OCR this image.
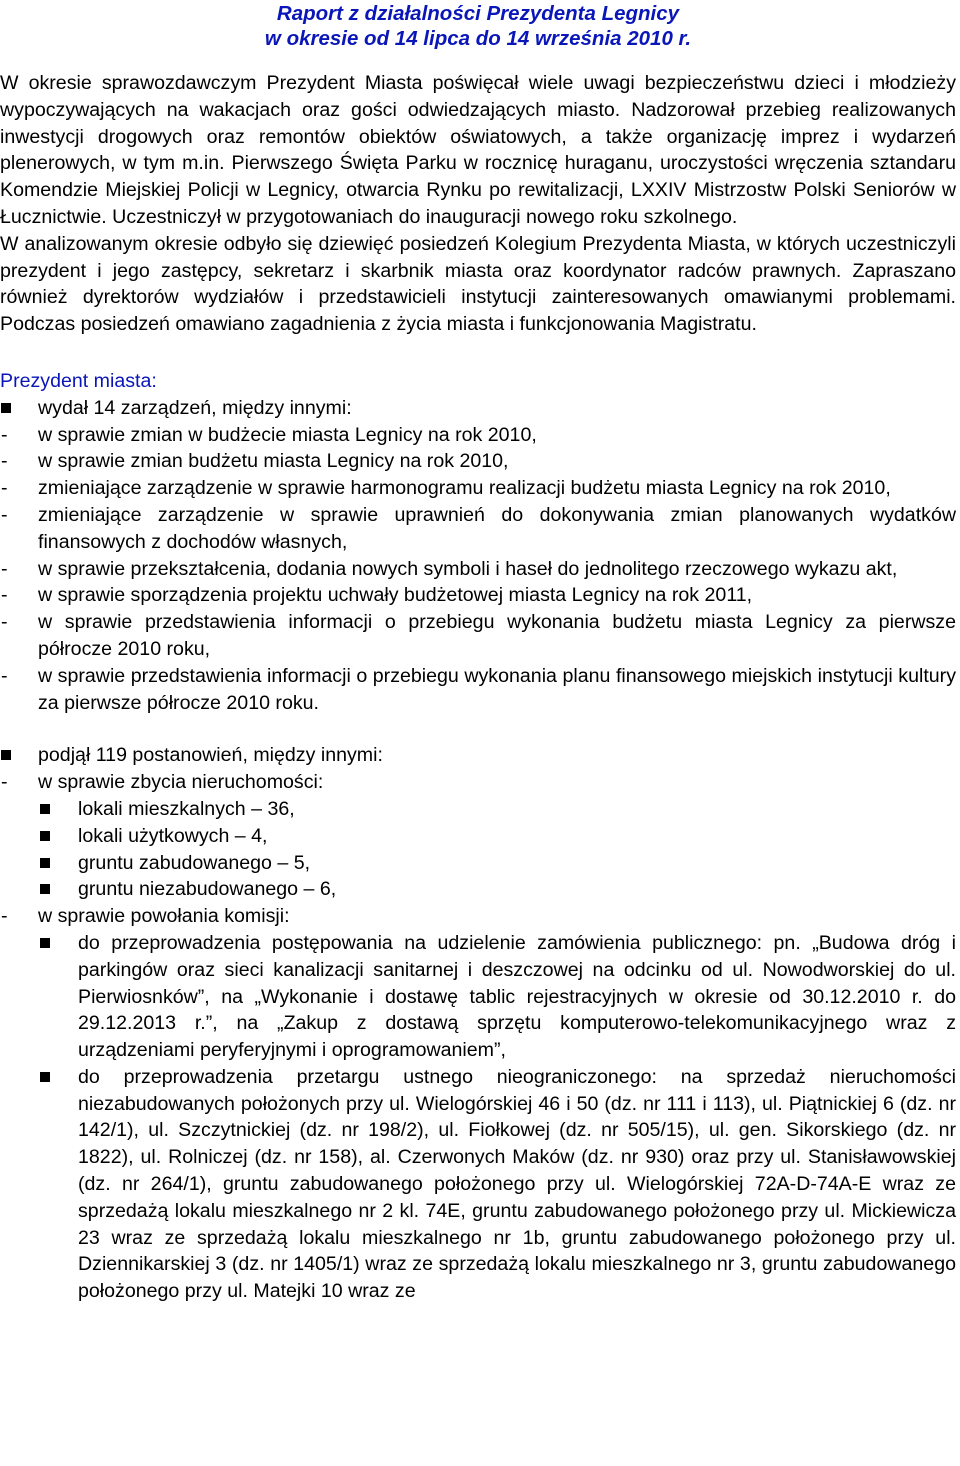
Raport z działalności Prezydenta Legnicy
w okresie od 14 lipca do 14 września 2010 r.

W okresie sprawozdawczym Prezydent Miasta poświęcał wiele uwagi bezpieczeństwu dzieci i młodzieży wypoczywających na wakacjach oraz gości odwiedzających miasto. Nadzorował przebieg realizowanych inwestycji drogowych oraz remontów obiektów oświatowych, a także organizację imprez i wydarzeń plenerowych, w tym m.in. Pierwszego Święta Parku w rocznicę huraganu, uroczystości wręczenia sztandaru Komendzie Miejskiej Policji w Legnicy, otwarcia Rynku po rewitalizacji, LXXIV Mistrzostw Polski Seniorów w Łucznictwie. Uczestniczył w przygotowaniach do inauguracji nowego roku szkolnego.

W analizowanym okresie odbyło się dziewięć posiedzeń Kolegium Prezydenta Miasta, w których uczestniczyli prezydent i jego zastępcy, sekretarz i skarbnik miasta oraz koordynator radców prawnych. Zapraszano również dyrektorów wydziałów i przedstawicieli instytucji zainteresowanych omawianymi problemami. Podczas posiedzeń omawiano zagadnienia z życia miasta i funkcjonowania Magistratu.

Prezydent miasta:

wydał 14 zarządzeń, między innymi:
- w sprawie zmian w budżecie miasta Legnicy na rok 2010,
- w sprawie zmian budżetu miasta Legnicy na rok 2010,
- zmieniające zarządzenie w sprawie harmonogramu realizacji budżetu miasta Legnicy na rok 2010,
- zmieniające zarządzenie w sprawie uprawnień do dokonywania zmian planowanych wydatków finansowych z dochodów własnych,
- w sprawie przekształcenia, dodania nowych symboli i haseł do jednolitego rzeczowego wykazu akt,
- w sprawie sporządzenia projektu uchwały budżetowej miasta Legnicy na rok 2011,
- w sprawie przedstawienia informacji o przebiegu wykonania budżetu miasta Legnicy za pierwsze półrocze 2010 roku,
- w sprawie przedstawienia informacji o przebiegu wykonania planu finansowego miejskich instytucji kultury za pierwsze półrocze 2010 roku.
podjął 119 postanowień, między innymi:
- w sprawie zbycia nieruchomości:
lokali mieszkalnych – 36,
lokali użytkowych – 4,
gruntu zabudowanego – 5,
gruntu niezabudowanego – 6,
- w sprawie powołania komisji:
do przeprowadzenia postępowania na udzielenie zamówienia publicznego: pn. „Budowa dróg i parkingów oraz sieci kanalizacji sanitarnej i deszczowej na odcinku od ul. Nowodworskiej do ul. Pierwiosnków”, na „Wykonanie i dostawę tablic rejestracyjnych w okresie od 30.12.2010 r. do 29.12.2013 r.”, na „Zakup z dostawą sprzętu komputerowo-telekomunikacyjnego wraz z urządzeniami peryferyjnymi i oprogramowaniem”,
do przeprowadzenia przetargu ustnego nieograniczonego: na sprzedaż nieruchomości niezabudowanych położonych przy ul. Wielogórskiej 46 i 50 (dz. nr 111 i 113), ul. Piątnickiej 6 (dz. nr 142/1), ul. Szczytnickiej (dz. nr 198/2), ul. Fiołkowej (dz. nr 505/15), ul. gen. Sikorskiego (dz. nr 1822), ul. Rolniczej (dz. nr 158), al. Czerwonych Maków (dz. nr 930) oraz przy ul. Stanisławowskiej (dz. nr 264/1), gruntu zabudowanego położonego przy ul. Wielogórskiej 72A-D-74A-E wraz ze sprzedażą lokalu mieszkalnego nr 2 kl. 74E, gruntu zabudowanego położonego przy ul. Mickiewicza 23 wraz ze sprzedażą lokalu mieszkalnego nr 1b, gruntu zabudowanego położonego przy ul. Dziennikarskiej 3 (dz. nr 1405/1) wraz ze sprzedażą lokalu mieszkalnego nr 3, gruntu zabudowanego położonego przy ul. Matejki 10 wraz ze
